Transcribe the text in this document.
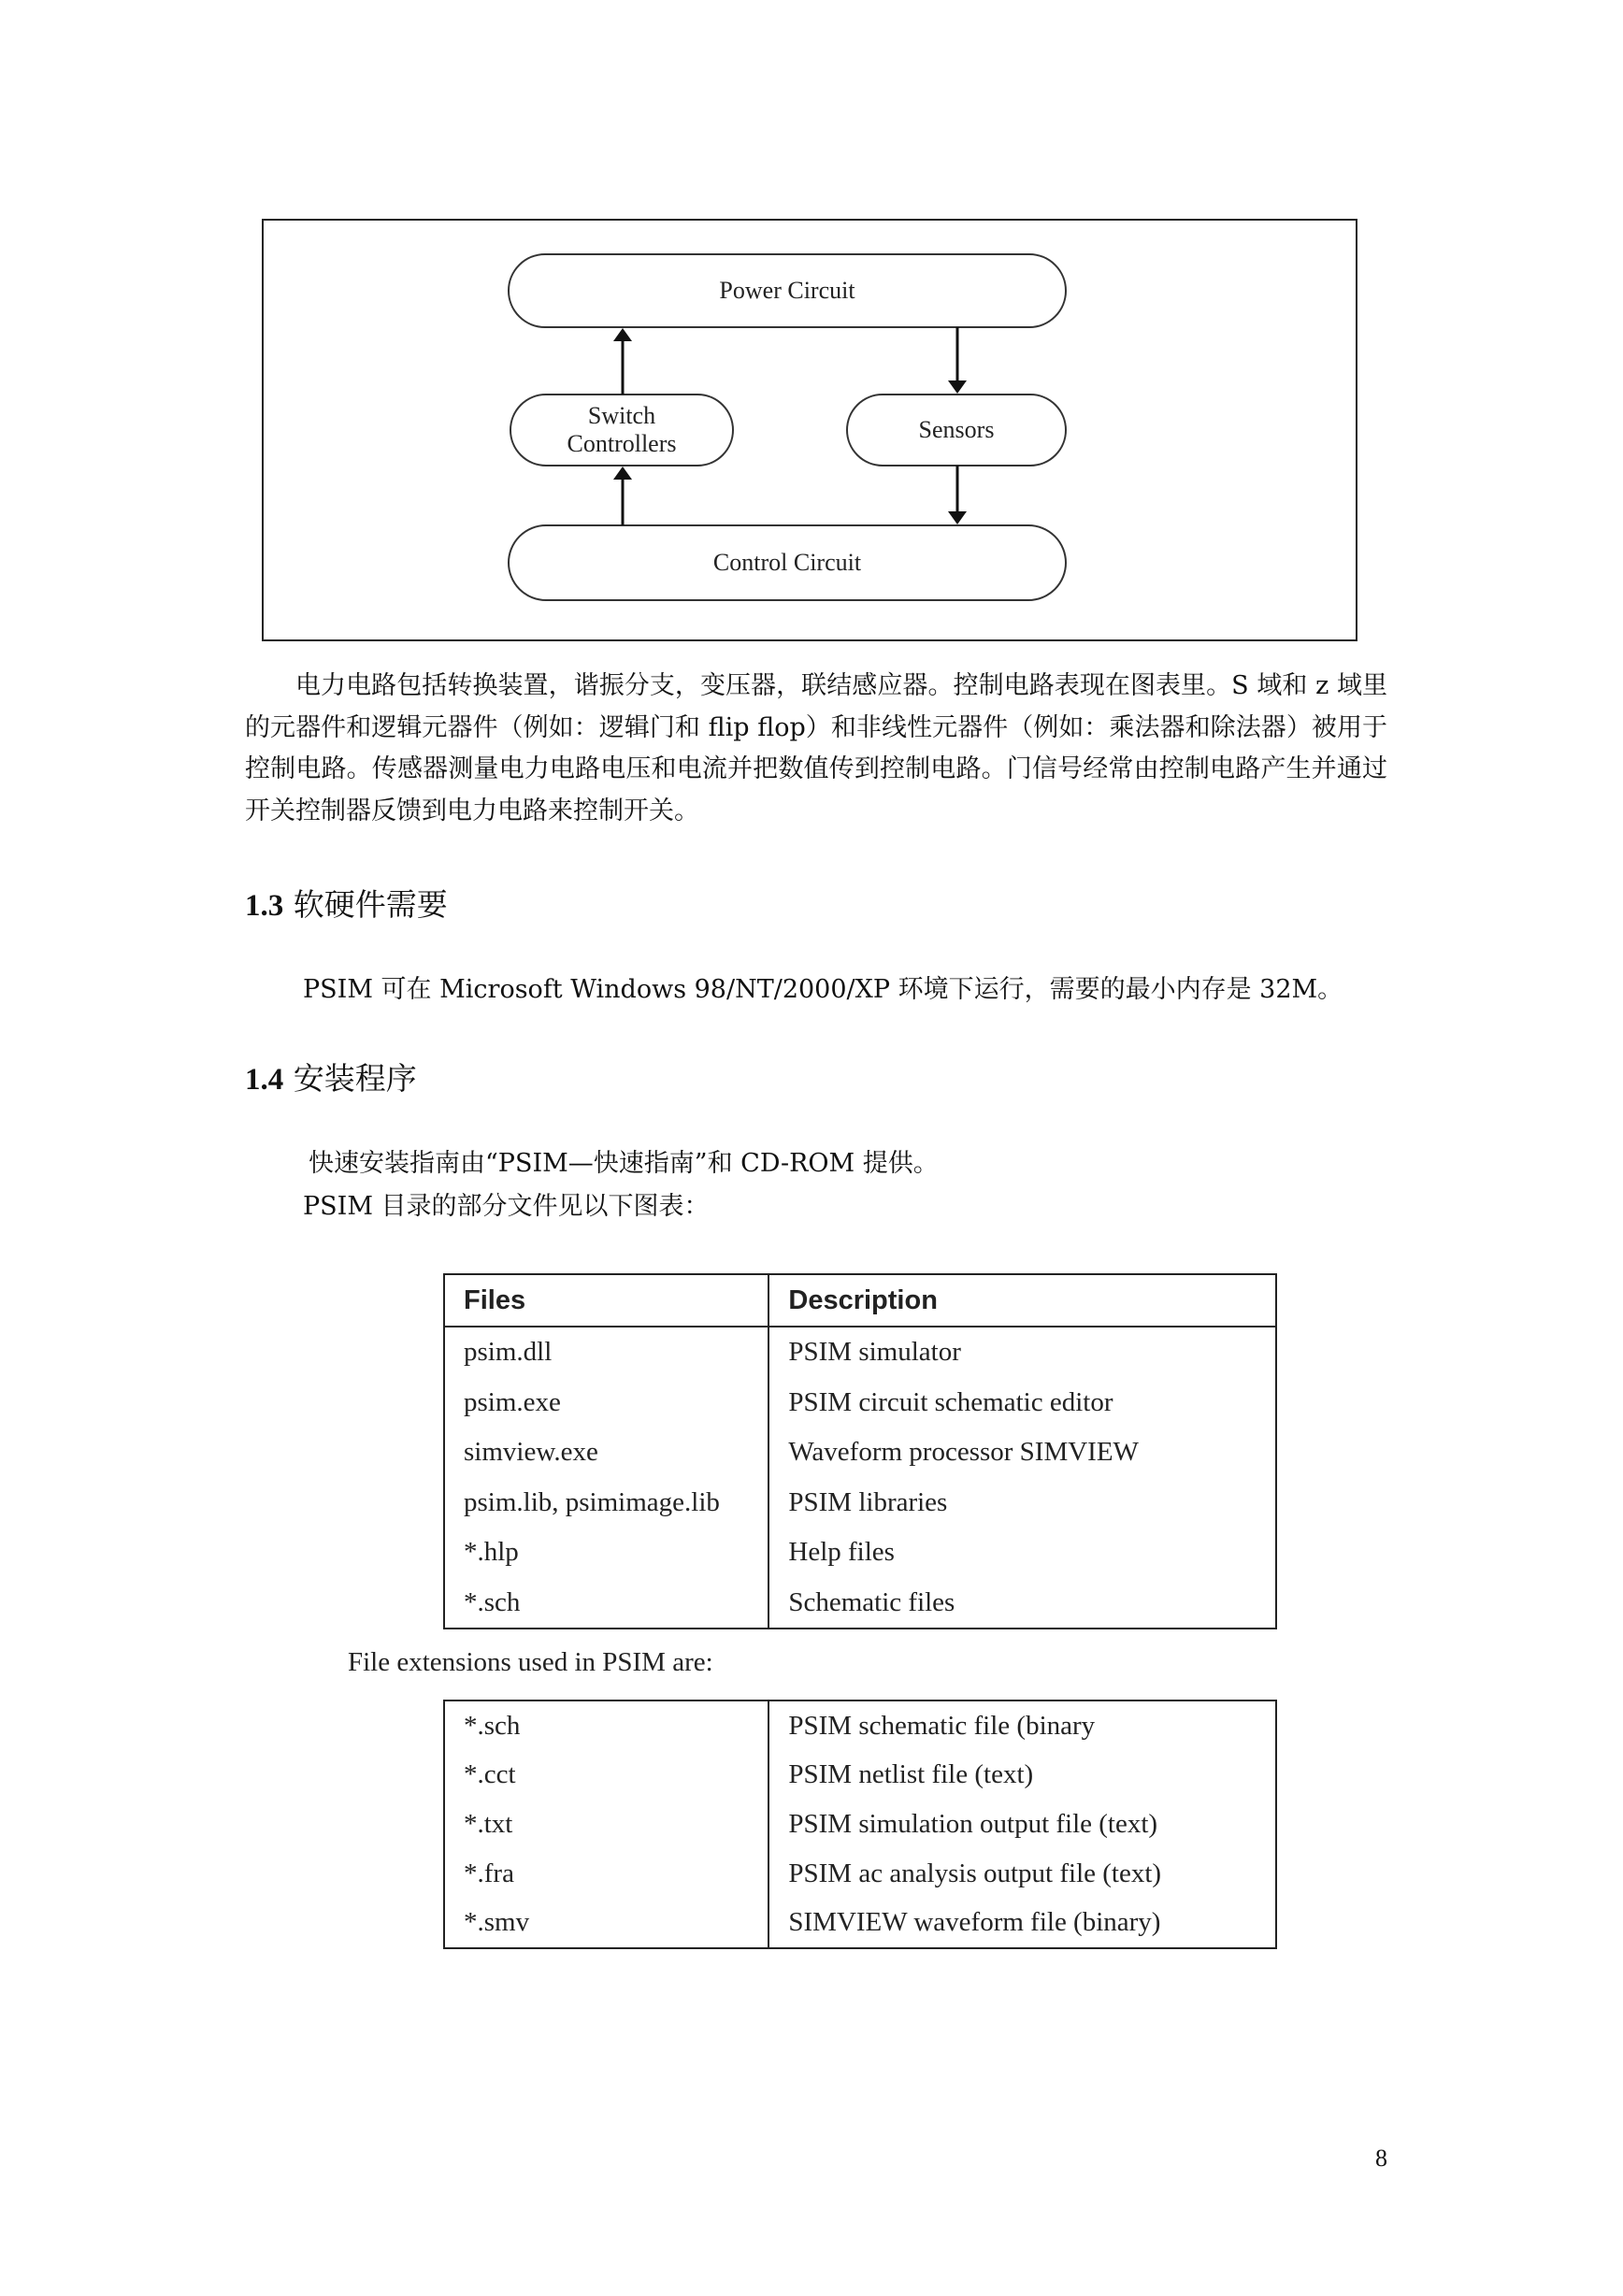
Power Circuit
Switch
Controllers
Sensors
Control Circuit
电力电路包括转换装置，谐振分支，变压器，联结感应器。控制电路表现在图表里。S 域和 z 域里的元器件和逻辑元器件（例如：逻辑门和 flip flop）和非线性元器件（例如：乘法器和除法器）被用于控制电路。传感器测量电力电路电压和电流并把数值传到控制电路。门信号经常由控制电路产生并通过开关控制器反馈到电力电路来控制开关。
1.3 软硬件需要
PSIM 可在 Microsoft Windows 98/NT/2000/XP 环境下运行，需要的最小内存是 32M。
1.4 安装程序
快速安装指南由“PSIM—快速指南”和 CD-ROM 提供。
PSIM 目录的部分文件见以下图表：
Files	Description
psim.dll	PSIM simulator
psim.exe	PSIM circuit schematic editor
simview.exe	Waveform processor SIMVIEW
psim.lib, psimimage.lib	PSIM libraries
*.hlp	Help files
*.sch	Schematic files
File extensions used in PSIM are:
*.sch	PSIM schematic file (binary
*.cct	PSIM netlist file (text)
*.txt	PSIM simulation output file (text)
*.fra	PSIM ac analysis output file (text)
*.smv	SIMVIEW waveform file (binary)
8
